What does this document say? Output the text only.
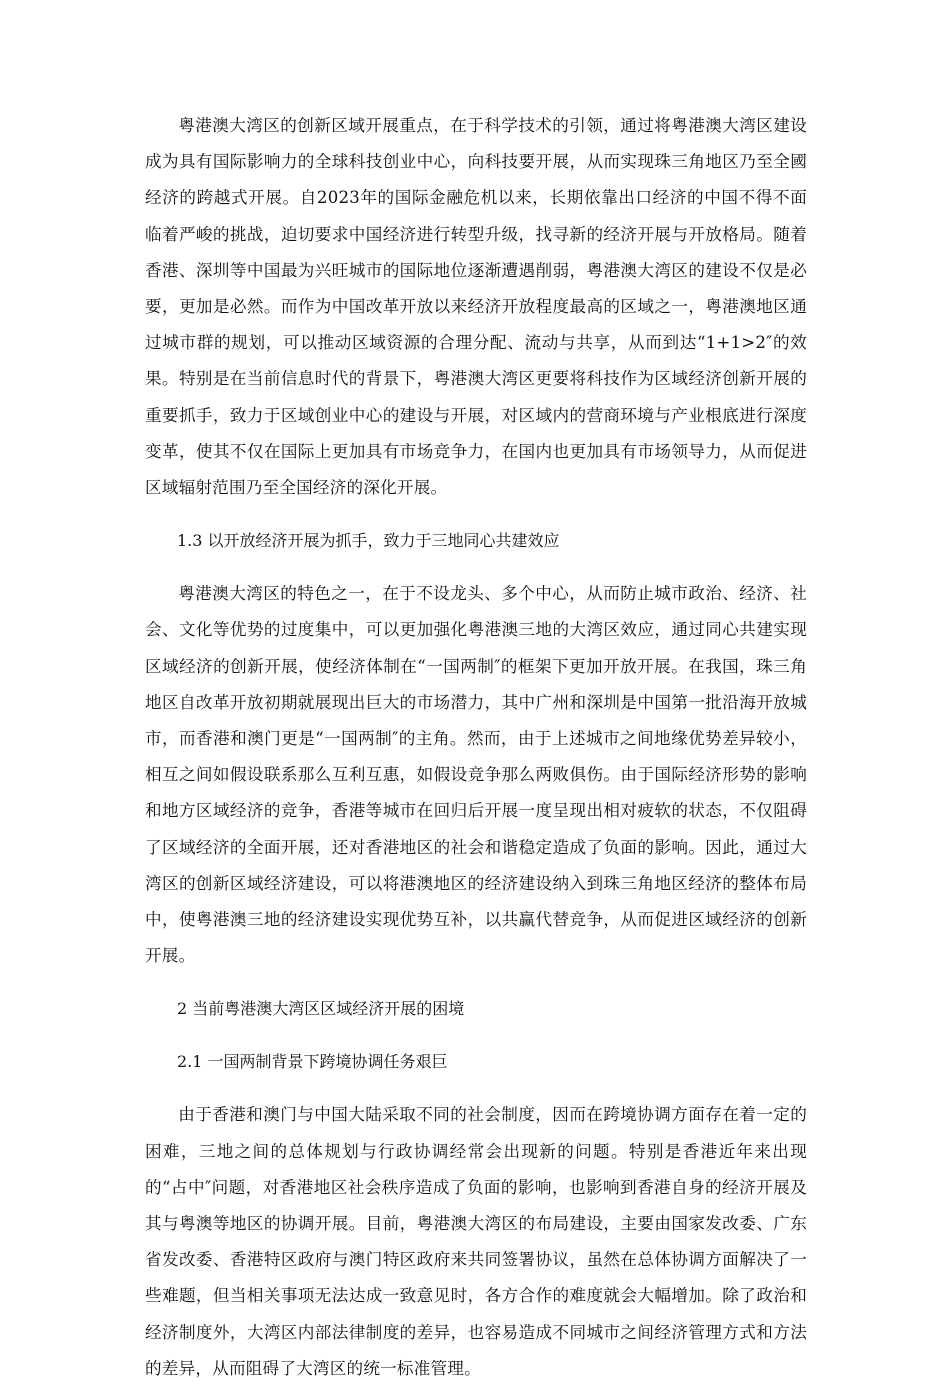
粤港澳大湾区的创新区域开展重点，在于科学技术的引领，通过将粤港澳大湾区建设成为具有国际影响力的全球科技创业中心，向科技要开展，从而实现珠三角地区乃至全國经济的跨越式开展。自2023年的国际金融危机以来，长期依靠出口经济的中国不得不面临着严峻的挑战，迫切要求中国经济进行转型升级，找寻新的经济开展与开放格局。随着香港、深圳等中国最为兴旺城市的国际地位逐渐遭遇削弱，粤港澳大湾区的建设不仅是必要，更加是必然。而作为中国改革开放以来经济开放程度最高的区域之一，粤港澳地区通过城市群的规划，可以推动区域资源的合理分配、流动与共享，从而到达“1+1>2″的效果。特别是在当前信息时代的背景下，粤港澳大湾区更要将科技作为区域经济创新开展的重要抓手，致力于区域创业中心的建设与开展，对区域内的营商环境与产业根底进行深度变革，使其不仅在国际上更加具有市场竞争力，在国内也更加具有市场领导力，从而促进区域辐射范围乃至全国经济的深化开展。

1.3 以开放经济开展为抓手，致力于三地同心共建效应

粤港澳大湾区的特色之一，在于不设龙头、多个中心，从而防止城市政治、经济、社会、文化等优势的过度集中，可以更加强化粤港澳三地的大湾区效应，通过同心共建实现区域经济的创新开展，使经济体制在“一国两制″的框架下更加开放开展。在我国，珠三角地区自改革开放初期就展现出巨大的市场潜力，其中广州和深圳是中国第一批沿海开放城市，而香港和澳门更是“一国两制″的主角。然而，由于上述城市之间地缘优势差异较小，相互之间如假设联系那么互利互惠，如假设竞争那么两败俱伤。由于国际经济形势的影响和地方区域经济的竞争，香港等城市在回归后开展一度呈现出相对疲软的状态，不仅阻碍了区域经济的全面开展，还对香港地区的社会和谐稳定造成了负面的影响。因此，通过大湾区的创新区域经济建设，可以将港澳地区的经济建设纳入到珠三角地区经济的整体布局中，使粤港澳三地的经济建设实现优势互补，以共赢代替竞争，从而促进区域经济的创新开展。

2 当前粤港澳大湾区区域经济开展的困境

2.1 一国两制背景下跨境协调任务艰巨

由于香港和澳门与中国大陆采取不同的社会制度，因而在跨境协调方面存在着一定的困难，三地之间的总体规划与行政协调经常会出现新的问题。特别是香港近年来出现的“占中″问题，对香港地区社会秩序造成了负面的影响，也影响到香港自身的经济开展及其与粤澳等地区的协调开展。目前，粤港澳大湾区的布局建设，主要由国家发改委、广东省发改委、香港特区政府与澳门特区政府来共同签署协议，虽然在总体协调方面解决了一些难题，但当相关事项无法达成一致意见时，各方合作的难度就会大幅增加。除了政治和经济制度外，大湾区内部法律制度的差异，也容易造成不同城市之间经济管理方式和方法的差异，从而阻碍了大湾区的统一标准管理。
